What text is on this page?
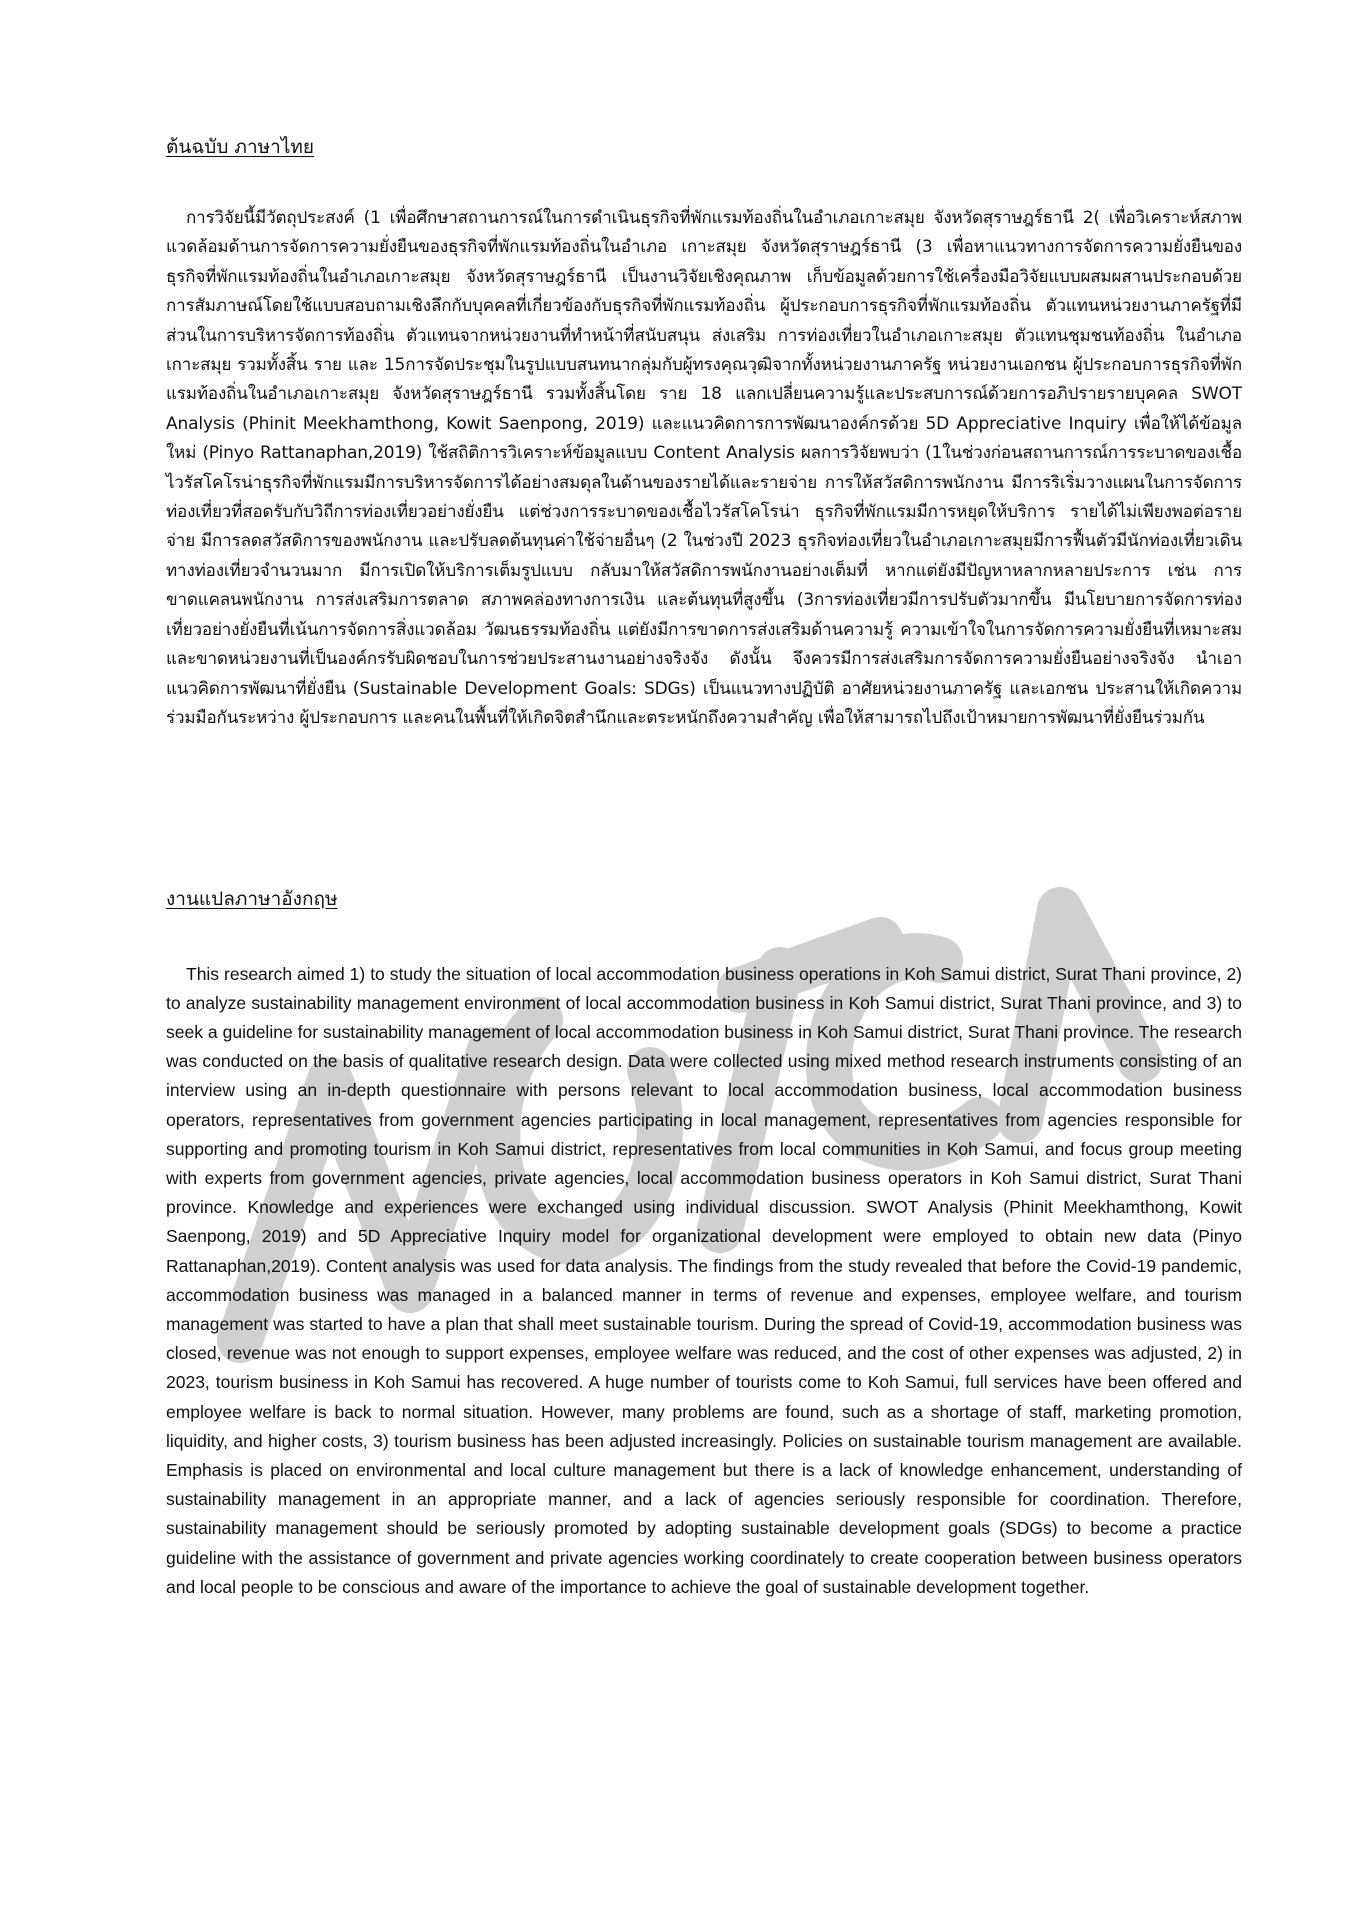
ต้นฉบับ ภาษาไทย

การวิจัยนี้มีวัตถุประสงค์ (1 เพื่อศึกษาสถานการณ์ในการดำเนินธุรกิจที่พักแรมท้องถิ่นในอำเภอเกาะสมุย จังหวัดสุราษฎร์ธานี 2( เพื่อวิเคราะห์สภาพแวดล้อมด้านการจัดการความยั่งยืนของธุรกิจที่พักแรมท้องถิ่นในอำเภอ เกาะสมุย จังหวัดสุราษฎร์ธานี (3 เพื่อหาแนวทางการจัดการความยั่งยืนของธุรกิจที่พักแรมท้องถิ่นในอำเภอเกาะสมุย จังหวัดสุราษฎร์ธานี เป็นงานวิจัยเชิงคุณภาพ เก็บข้อมูลด้วยการใช้เครื่องมือวิจัยแบบผสมผสานประกอบด้วย การสัมภาษณ์โดยใช้แบบสอบถามเชิงลึกกับบุคคลที่เกี่ยวข้องกับธุรกิจที่พักแรมท้องถิ่น ผู้ประกอบการธุรกิจที่พักแรมท้องถิ่น ตัวแทนหน่วยงานภาครัฐที่มีส่วนในการบริหารจัดการท้องถิ่น ตัวแทนจากหน่วยงานที่ทำหน้าที่สนับสนุน ส่งเสริม การท่องเที่ยวในอำเภอเกาะสมุย ตัวแทนชุมชนท้องถิ่น ในอำเภอเกาะสมุย รวมทั้งสิ้น ราย และ 15การจัดประชุมในรูปแบบสนทนากลุ่มกับผู้ทรงคุณวุฒิจากทั้งหน่วยงานภาครัฐ หน่วยงานเอกชน ผู้ประกอบการธุรกิจที่พักแรมท้องถิ่นในอำเภอเกาะสมุย จังหวัดสุราษฎร์ธานี รวมทั้งสิ้นโดย ราย 18 แลกเปลี่ยนความรู้และประสบการณ์ด้วยการอภิปรายรายบุคคล SWOT Analysis (Phinit Meekhamthong, Kowit Saenpong, 2019) และแนวคิดการการพัฒนาองค์กรด้วย 5D Appreciative Inquiry เพื่อให้ได้ข้อมูลใหม่ (Pinyo Rattanaphan,2019) ใช้สถิติการวิเคราะห์ข้อมูลแบบ Content Analysis ผลการวิจัยพบว่า (1ในช่วงก่อนสถานการณ์การระบาดของเชื้อไวรัสโคโรน่าธุรกิจที่พักแรมมีการบริหารจัดการได้อย่างสมดุลในด้านของรายได้และรายจ่าย การให้สวัสดิการพนักงาน มีการริเริ่มวางแผนในการจัดการท่องเที่ยวที่สอดรับกับวิถีการท่องเที่ยวอย่างยั่งยืน แต่ช่วงการระบาดของเชื้อไวรัสโคโรน่า ธุรกิจที่พักแรมมีการหยุดให้บริการ รายได้ไม่เพียงพอต่อรายจ่าย มีการลดสวัสดิการของพนักงาน และปรับลดต้นทุนค่าใช้จ่ายอื่นๆ (2 ในช่วงปี 2023 ธุรกิจท่องเที่ยวในอำเภอเกาะสมุยมีการฟื้นตัวมีนักท่องเที่ยวเดินทางท่องเที่ยวจำนวนมาก มีการเปิดให้บริการเต็มรูปแบบ กลับมาให้สวัสดิการพนักงานอย่างเต็มที่ หากแต่ยังมีปัญหาหลากหลายประการ เช่น การขาดแคลนพนักงาน การส่งเสริมการตลาด สภาพคล่องทางการเงิน และต้นทุนที่สูงขึ้น (3การท่องเที่ยวมีการปรับตัวมากขึ้น มีนโยบายการจัดการท่องเที่ยวอย่างยั่งยืนที่เน้นการจัดการสิ่งแวดล้อม วัฒนธรรมท้องถิ่น แต่ยังมีการขาดการส่งเสริมด้านความรู้ ความเข้าใจในการจัดการความยั่งยืนที่เหมาะสม และขาดหน่วยงานที่เป็นองค์กรรับผิดชอบในการช่วยประสานงานอย่างจริงจัง ดังนั้น จึงควรมีการส่งเสริมการจัดการความยั่งยืนอย่างจริงจัง นำเอาแนวคิดการพัฒนาที่ยั่งยืน (Sustainable Development Goals: SDGs) เป็นแนวทางปฏิบัติ อาศัยหน่วยงานภาครัฐ และเอกชน ประสานให้เกิดความร่วมมือกันระหว่าง ผู้ประกอบการ และคนในพื้นที่ให้เกิดจิตสำนึกและตระหนักถึงความสำคัญ เพื่อให้สามารถไปถึงเป้าหมายการพัฒนาที่ยั่งยืนร่วมกัน

งานแปลภาษาอังกฤษ

This research aimed 1) to study the situation of local accommodation business operations in Koh Samui district, Surat Thani province, 2) to analyze sustainability management environment of local accommodation business in Koh Samui district, Surat Thani province, and 3) to seek a guideline for sustainability management of local accommodation business in Koh Samui district, Surat Thani province. The research was conducted on the basis of qualitative research design. Data were collected using mixed method research instruments consisting of an interview using an in-depth questionnaire with persons relevant to local accommodation business, local accommodation business operators, representatives from government agencies participating in local management, representatives from agencies responsible for supporting and promoting tourism in Koh Samui district, representatives from local communities in Koh Samui, and focus group meeting with experts from government agencies, private agencies, local accommodation business operators in Koh Samui district, Surat Thani province. Knowledge and experiences were exchanged using individual discussion. SWOT Analysis (Phinit Meekhamthong, Kowit Saenpong, 2019) and 5D Appreciative Inquiry model for organizational development were employed to obtain new data (Pinyo Rattanaphan,2019). Content analysis was used for data analysis. The findings from the study revealed that before the Covid-19 pandemic, accommodation business was managed in a balanced manner in terms of revenue and expenses, employee welfare, and tourism management was started to have a plan that shall meet sustainable tourism. During the spread of Covid-19, accommodation business was closed, revenue was not enough to support expenses, employee welfare was reduced, and the cost of other expenses was adjusted, 2) in 2023, tourism business in Koh Samui has recovered. A huge number of tourists come to Koh Samui, full services have been offered and employee welfare is back to normal situation. However, many problems are found, such as a shortage of staff, marketing promotion, liquidity, and higher costs, 3) tourism business has been adjusted increasingly. Policies on sustainable tourism management are available. Emphasis is placed on environmental and local culture management but there is a lack of knowledge enhancement, understanding of sustainability management in an appropriate manner, and a lack of agencies seriously responsible for coordination. Therefore, sustainability management should be seriously promoted by adopting sustainable development goals (SDGs) to become a practice guideline with the assistance of government and private agencies working coordinately to create cooperation between business operators and local people to be conscious and aware of the importance to achieve the goal of sustainable development together.
